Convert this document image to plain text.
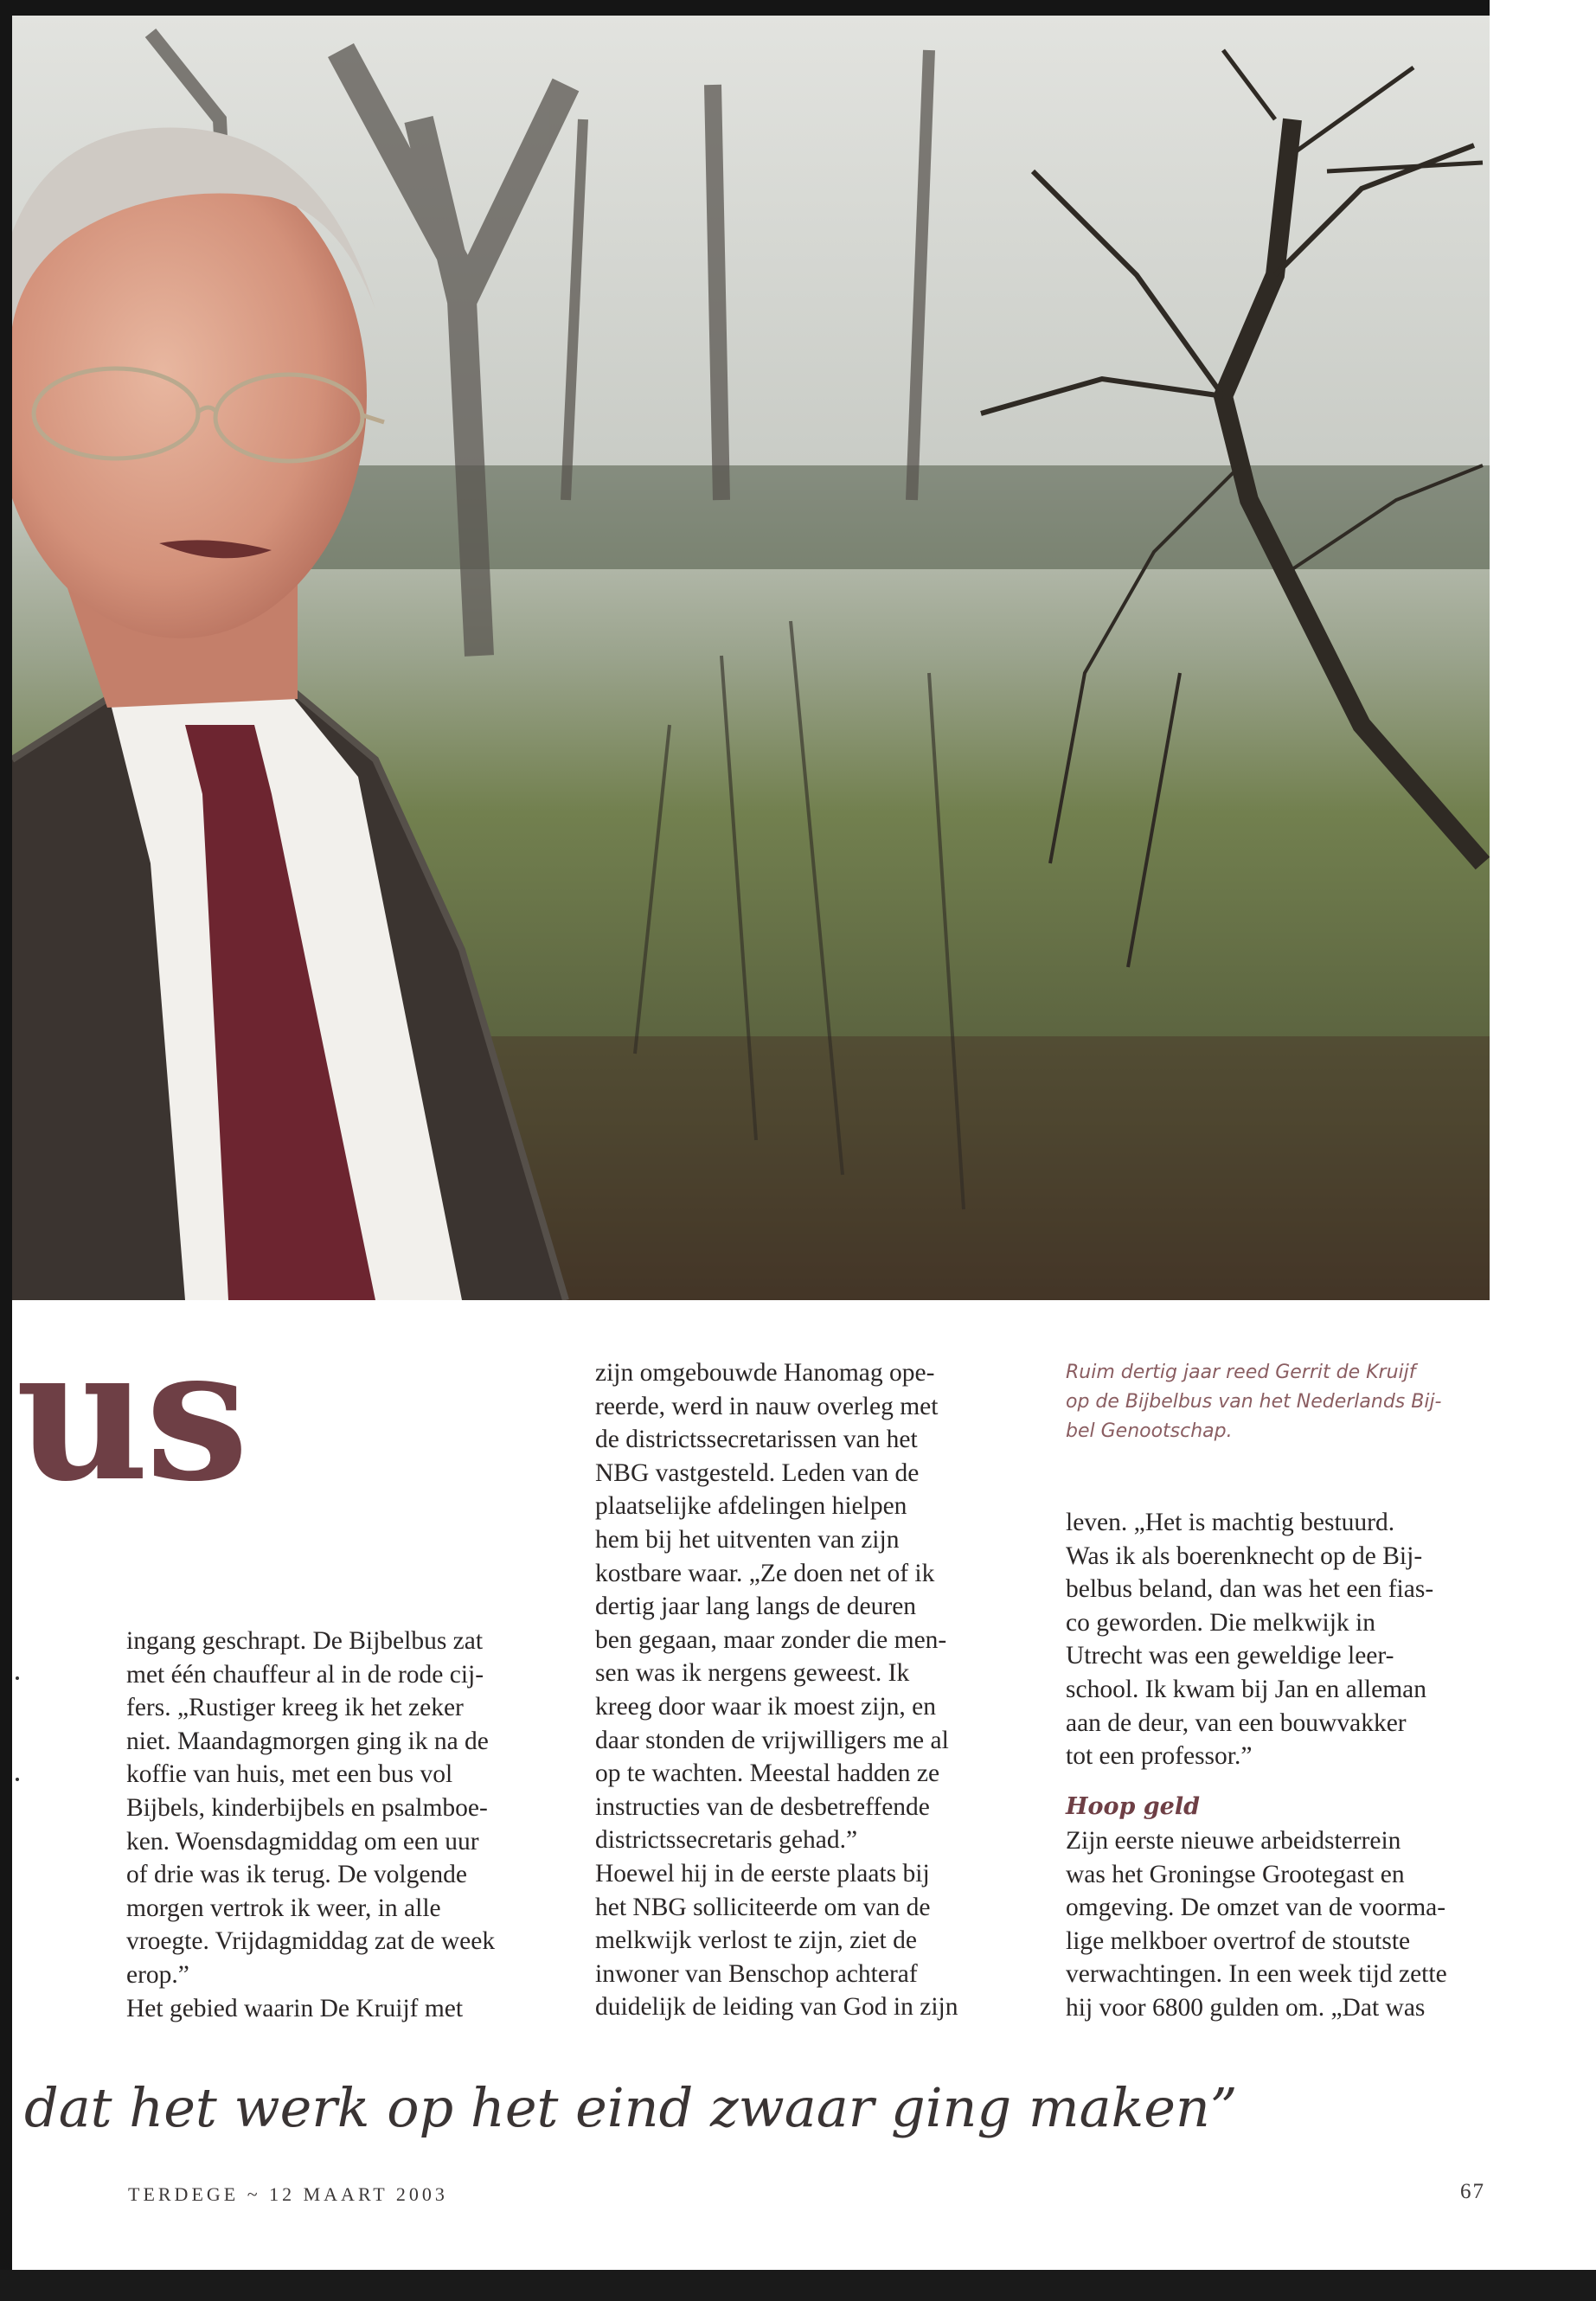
us

ingang geschrapt. De Bijbelbus zat

met één chauffeur al in de rode cij-

fers. „Rustiger kreeg ik het zeker

niet. Maandagmorgen ging ik na de

koffie van huis, met een bus vol

Bijbels, kinderbijbels en psalmboe-

ken. Woensdagmiddag om een uur

of drie was ik terug. De volgende

morgen vertrok ik weer, in alle

vroegte. Vrijdagmiddag zat de week

erop.”

Het gebied waarin De Kruijf met

zijn omgebouwde Hanomag ope-

reerde, werd in nauw overleg met

de districtssecretarissen van het

NBG vastgesteld. Leden van de

plaatselijke afdelingen hielpen

hem bij het uitventen van zijn

kostbare waar. „Ze doen net of ik

dertig jaar lang langs de deuren

ben gegaan, maar zonder die men-

sen was ik nergens geweest. Ik

kreeg door waar ik moest zijn, en

daar stonden de vrijwilligers me al

op te wachten. Meestal hadden ze

instructies van de desbetreffende

districtssecretaris gehad.”

Hoewel hij in de eerste plaats bij

het NBG solliciteerde om van de

melkwijk verlost te zijn, ziet de

inwoner van Benschop achteraf

duidelijk de leiding van God in zijn

Ruim dertig jaar reed Gerrit de Kruijf
op de Bijbelbus van het Nederlands Bij-
bel Genootschap.

leven. „Het is machtig bestuurd.

Was ik als boerenknecht op de Bij-

belbus beland, dan was het een fias-

co geworden. Die melkwijk in

Utrecht was een geweldige leer-

school. Ik kwam bij Jan en alleman

aan de deur, van een bouwvakker

tot een professor.”

Hoop geld

Zijn eerste nieuwe arbeidsterrein

was het Groningse Grootegast en

omgeving. De omzet van de voorma-

lige melkboer overtrof de stoutste

verwachtingen. In een week tijd zette

hij voor 6800 gulden om. „Dat was

dat het werk op het eind zwaar ging maken”
TERDEGE ~ 12 MAART 2003	67
